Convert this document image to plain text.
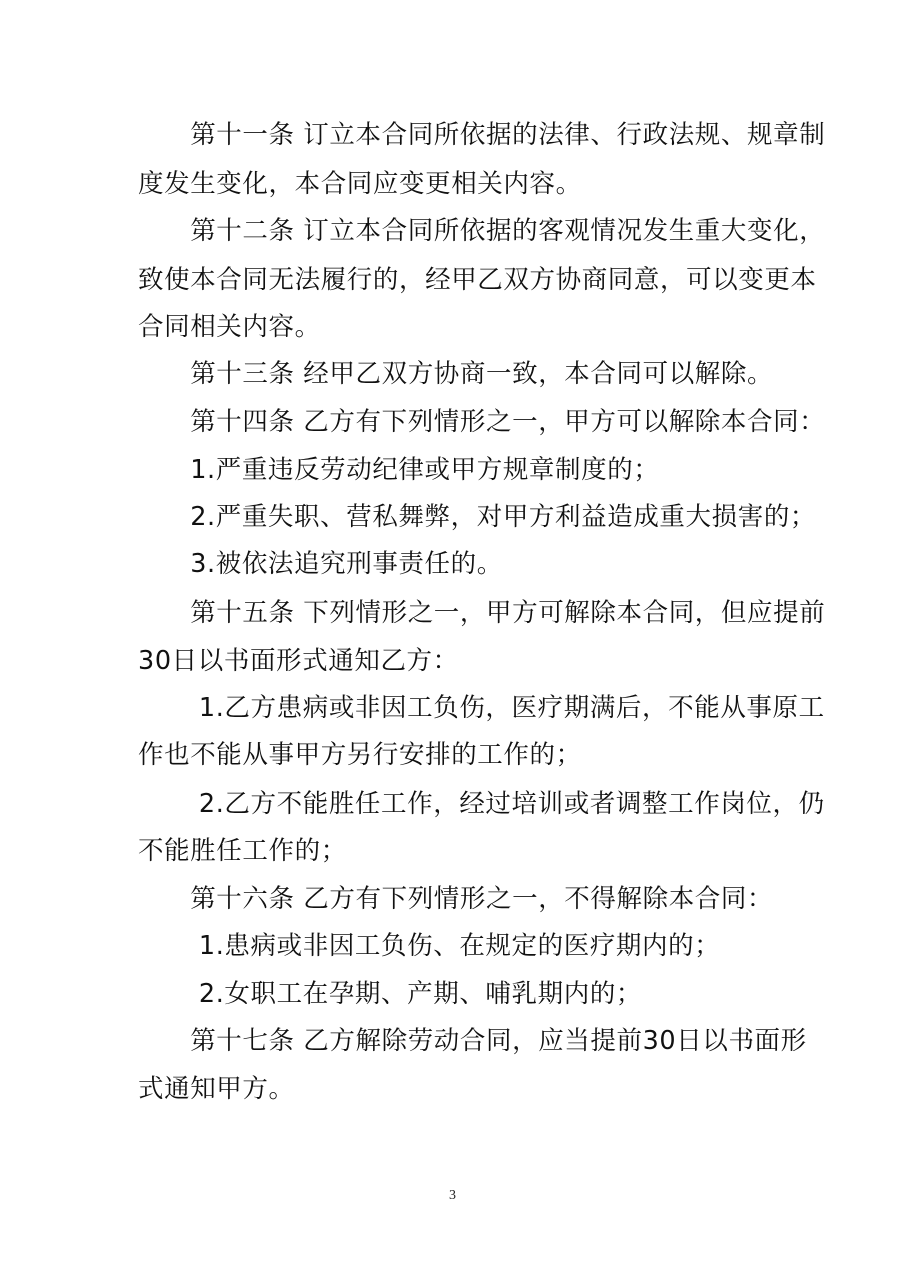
　　第十一条 订立本合同所依据的法律、行政法规、规章制
度发生变化，本合同应变更相关内容。
　　第十二条 订立本合同所依据的客观情况发生重大变化，
致使本合同无法履行的，经甲乙双方协商同意，可以变更本
合同相关内容。
　　第十三条 经甲乙双方协商一致，本合同可以解除。
　　第十四条 乙方有下列情形之一，甲方可以解除本合同：
　　1.严重违反劳动纪律或甲方规章制度的；
　　2.严重失职、营私舞弊，对甲方利益造成重大损害的；
　　3.被依法追究刑事责任的。
　　第十五条 下列情形之一，甲方可解除本合同，但应提前
30日以书面形式通知乙方：
　　 1.乙方患病或非因工负伤，医疗期满后，不能从事原工
作也不能从事甲方另行安排的工作的；
　　 2.乙方不能胜任工作，经过培训或者调整工作岗位，仍
不能胜任工作的；
　　第十六条 乙方有下列情形之一，不得解除本合同：
　　 1.患病或非因工负伤、在规定的医疗期内的；
　　 2.女职工在孕期、产期、哺乳期内的；
　　第十七条 乙方解除劳动合同，应当提前30日以书面形
式通知甲方。
3
